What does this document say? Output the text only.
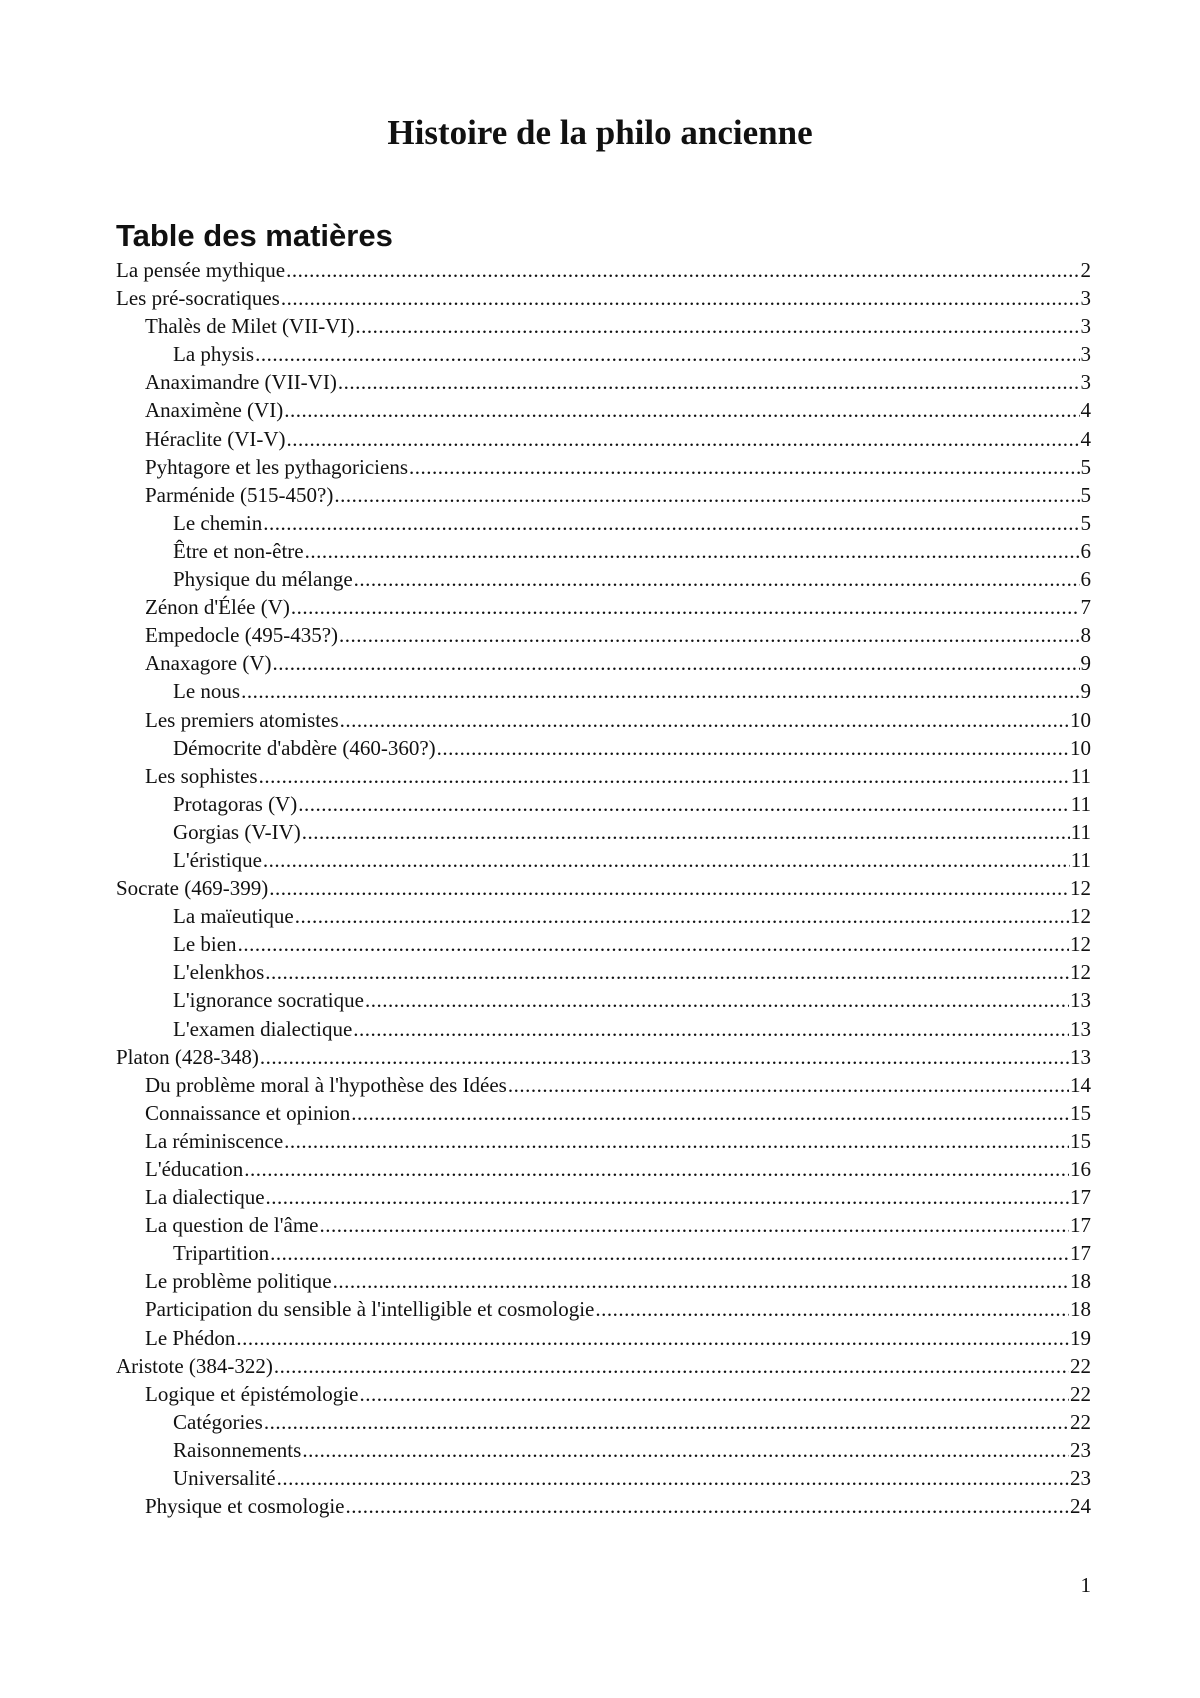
Histoire de la philo ancienne
Table des matières
La pensée mythique .....	2
Les pré-socratiques .....	3
Thalès de Milet (VII-VI) .....	3
La physis .....	3
Anaximandre (VII-VI) .....	3
Anaximène (VI) .....	4
Héraclite (VI-V) .....	4
Pyhtagore et les pythagoriciens .....	5
Parménide (515-450?) .....	5
Le chemin .....	5
Être et non-être .....	6
Physique du mélange .....	6
Zénon d'Élée (V) .....	7
Empedocle (495-435?) .....	8
Anaxagore (V) .....	9
Le nous .....	9
Les premiers atomistes .....	10
Démocrite d'abdère (460-360?) .....	10
Les sophistes .....	11
Protagoras (V) .....	11
Gorgias (V-IV) .....	11
L'éristique .....	11
Socrate (469-399) .....	12
La maïeutique .....	12
Le bien .....	12
L'elenkhos .....	12
L'ignorance socratique .....	13
L'examen dialectique .....	13
Platon (428-348) .....	13
Du problème moral à l'hypothèse des Idées .....	14
Connaissance et opinion .....	15
La réminiscence .....	15
L'éducation .....	16
La dialectique .....	17
La question de l'âme .....	17
Tripartition .....	17
Le problème politique .....	18
Participation du sensible à l'intelligible et cosmologie .....	18
Le Phédon .....	19
Aristote (384-322) .....	22
Logique et épistémologie .....	22
Catégories .....	22
Raisonnements .....	23
Universalité .....	23
Physique et cosmologie .....	24

1
